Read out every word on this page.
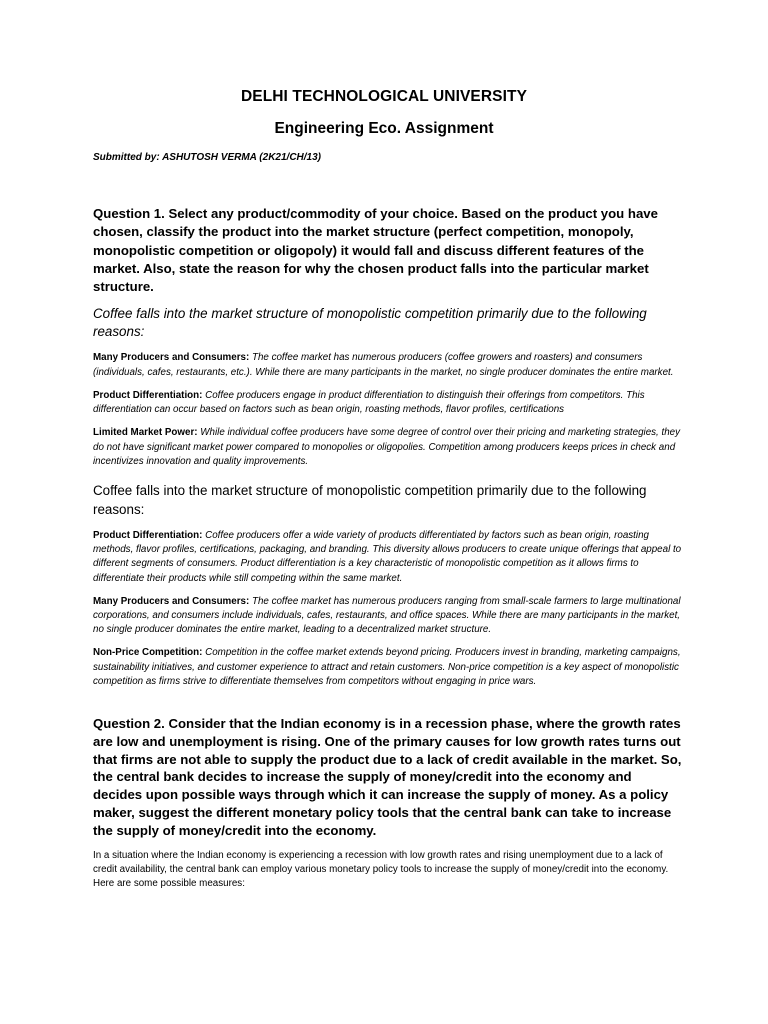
DELHI TECHNOLOGICAL UNIVERSITY
Engineering Eco. Assignment

Submitted by: ASHUTOSH VERMA (2K21/CH/13)

Question 1. Select any product/commodity of your choice. Based on the product you have chosen, classify the product into the market structure (perfect competition, monopoly, monopolistic competition or oligopoly) it would fall and discuss different features of the market. Also, state the reason for why the chosen product falls into the particular market structure.

Coffee falls into the market structure of monopolistic competition primarily due to the following reasons:

Many Producers and Consumers: The coffee market has numerous producers (coffee growers and roasters) and consumers (individuals, cafes, restaurants, etc.). While there are many participants in the market, no single producer dominates the entire market.

Product Differentiation: Coffee producers engage in product differentiation to distinguish their offerings from competitors. This differentiation can occur based on factors such as bean origin, roasting methods, flavor profiles, certifications

Limited Market Power: While individual coffee producers have some degree of control over their pricing and marketing strategies, they do not have significant market power compared to monopolies or oligopolies. Competition among producers keeps prices in check and incentivizes innovation and quality improvements.

Coffee falls into the market structure of monopolistic competition primarily due to the following reasons:

Product Differentiation: Coffee producers offer a wide variety of products differentiated by factors such as bean origin, roasting methods, flavor profiles, certifications, packaging, and branding. This diversity allows producers to create unique offerings that appeal to different segments of consumers. Product differentiation is a key characteristic of monopolistic competition as it allows firms to differentiate their products while still competing within the same market.

Many Producers and Consumers: The coffee market has numerous producers ranging from small-scale farmers to large multinational corporations, and consumers include individuals, cafes, restaurants, and office spaces. While there are many participants in the market, no single producer dominates the entire market, leading to a decentralized market structure.

Non-Price Competition: Competition in the coffee market extends beyond pricing. Producers invest in branding, marketing campaigns, sustainability initiatives, and customer experience to attract and retain customers. Non-price competition is a key aspect of monopolistic competition as firms strive to differentiate themselves from competitors without engaging in price wars.

Question 2. Consider that the Indian economy is in a recession phase, where the growth rates are low and unemployment is rising. One of the primary causes for low growth rates turns out that firms are not able to supply the product due to a lack of credit available in the market. So, the central bank decides to increase the supply of money/credit into the economy and decides upon possible ways through which it can increase the supply of money. As a policy maker, suggest the different monetary policy tools that the central bank can take to increase the supply of money/credit into the economy.

In a situation where the Indian economy is experiencing a recession with low growth rates and rising unemployment due to a lack of credit availability, the central bank can employ various monetary policy tools to increase the supply of money/credit into the economy. Here are some possible measures:
